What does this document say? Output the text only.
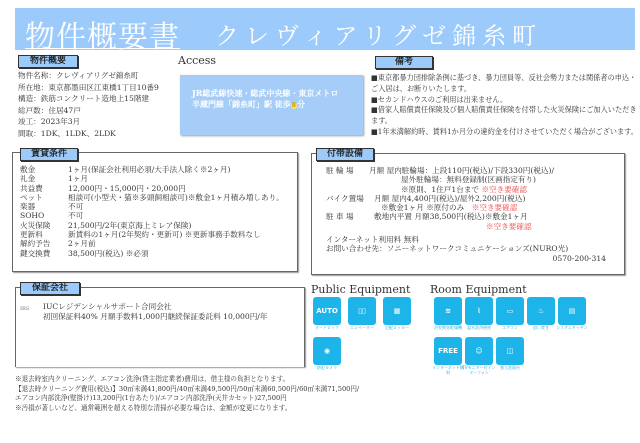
物件概要書 クレヴィアリグゼ錦糸町
物件概要
物件名称：クレヴィアリグゼ錦糸町
所在地：東京都墨田区江東橋1丁目10番9
構造：鉄筋コンクリート造地上15階建
総戸数：住居47戸
竣工：2023年3月
間取：1DK、1LDK、2LDK
Access
JR総武線快速・総武中央線・東京メトロ
半蔵門線「錦糸町」駅 徒歩8分
備考
■東京都暴力団排除条例に基づき、暴力団員等、反社会勢力または関係者の申込・ご入居は、お断りいたします。
■セカンドハウスのご利用は出来ません。
■借家人賠償責任保険及び個人賠償責任保険を付帯した火災保険にご加入いただきます。
■1年未満解約時、賃料1か月分の違約金を付けさせていただく場合がございます。
賃貸条件
敷金	1ヶ月(保証会社利用必須/大手法人除く※2ヶ月)
礼金	1ヶ月
共益費	12,000円・15,000円・20,000円
ペット	相談可(小型犬・猫※多頭飼相談可)※敷金1ヶ月積み増しあり。
楽器	不可
SOHO	不可
火災保険	21,500円/2年(東京海上ミレア保険)
更新料	新賃料の1ヶ月(2年契約・更新可) ※更新事務手数料なし
解約予告	2ヶ月前
鍵交換費	38,500円(税込) ※必須
付帯設備
駐 輪 場	月額 屋内駐輪場：上段110円(税込)/下段330円(税込)/
屋外駐輪場：無料登録制(区画指定有り)
※原則、1住戸1台まで ※空き要確認
バイク置場	月額 屋内4,400円(税込)/屋外2,200円(税込)
※敷金1ヶ月 ※原付のみ　 ※空き要確認
駐 車 場	敷地内平置 月額38,500円(税込)※敷金1ヶ月
※空き要確認
インターネット利用料 無料
お問い合わせ先：ソニーネットワークコミュニケーションズ(NURO光)
0570-200-314
保証会社
IRS IUCレジデンシャルサポート合同会社
初回保証料40% 月額手数料1,000円継続保証委託料 10,000円/年
Public Equipment Room Equipment
※退去時室内クリーニング、エアコン洗浄(貸主指定業者)費用は、借主様の負担となります。
【退去時クリーニング費用(税込)】30㎡未満41,800円/40㎡未満49,500円/50㎡未満60,500円/60㎡未満71,500円/
エアコン内部洗浄(壁掛け)13,200円(1台あたり)/エアコン内部洗浄(天井カセット)27,500円
※汚損が著しいなど、通常範囲を超える特別な清掃が必要な場合は、金額が変更になります。
AUTO
オートロック
▯▯
エレベーター
▦
宅配ロッカー
◉
防犯カメラ
≋
浴室換気乾燥機
⌇
温水洗浄便座
▭
エアコン
♨
追い焚き
▤
システムキッチン
FREE
インターネット無料
☺
TVモニター付インターフォン
◫
独立洗面台
